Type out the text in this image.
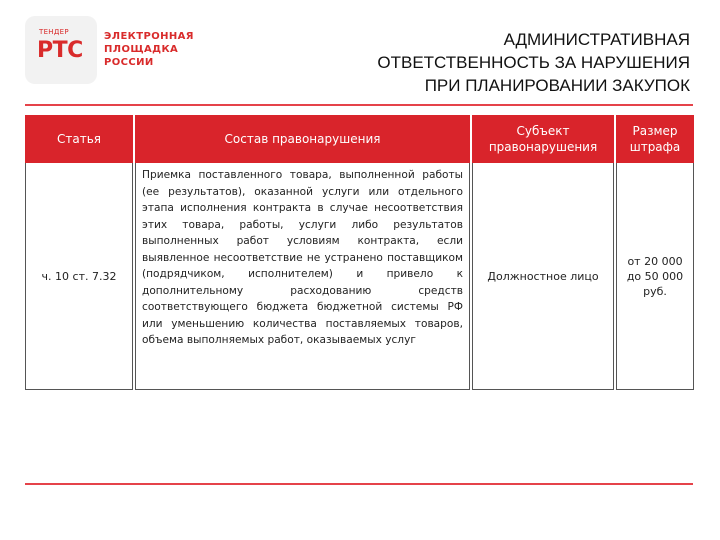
ТЕНДЕР
РТС
ЭЛЕКТРОННАЯ
ПЛОЩАДКА
РОССИИ
АДМИНИСТРАТИВНАЯ
ОТВЕТСТВЕННОСТЬ ЗА НАРУШЕНИЯ
ПРИ ПЛАНИРОВАНИИ ЗАКУПОК
Статья	Состав правонарушения
Субъект правонарушения
Размер штрафа
ч. 10 ст. 7.32
Приемка поставленного товара, выполненной работы (ее результатов), оказанной услуги или отдельного этапа исполнения контракта в случае несоответствия этих товара, работы, услуги либо результатов выполненных работ условиям контракта, если выявленное несоответствие не устранено поставщиком (подрядчиком, исполнителем) и привело к дополнительному расходованию средств соответствующего бюджета бюджетной системы РФ или уменьшению количества поставляемых товаров, объема выполняемых работ, оказываемых услуг
Должностное лицо
от 20 000 до 50 000 руб.
